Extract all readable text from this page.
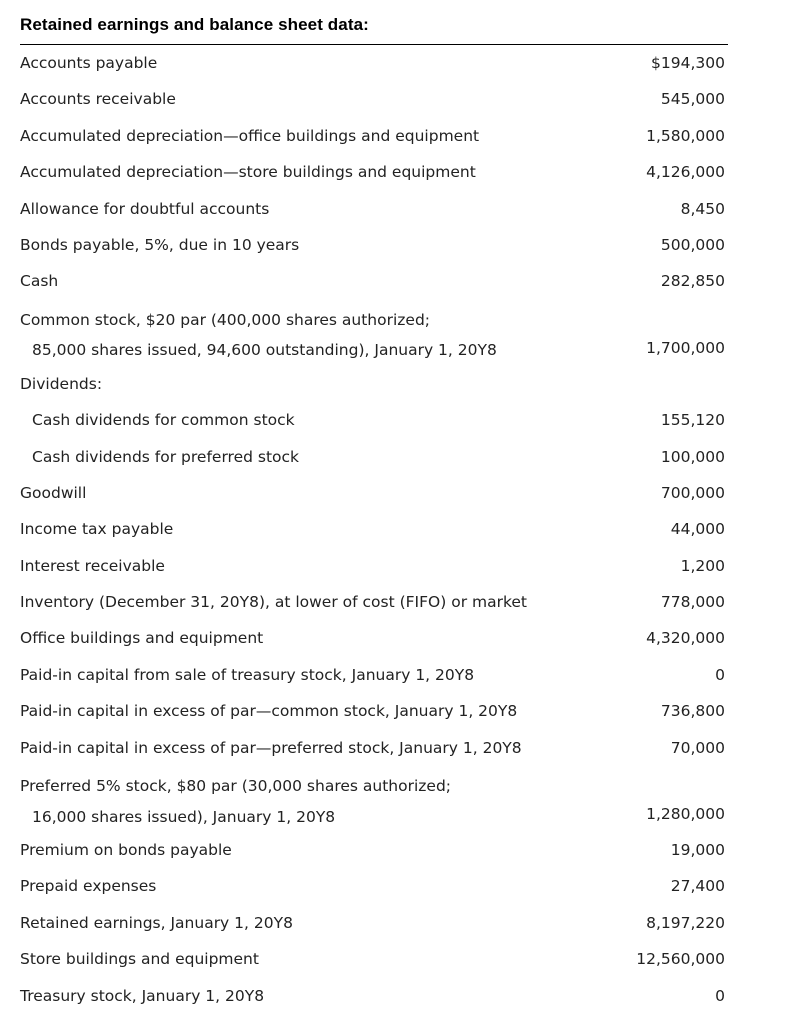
Retained earnings and balance sheet data:
Accounts payable	$194,300
Accounts receivable	545,000
Accumulated depreciation—office buildings and equipment	1,580,000
Accumulated depreciation—store buildings and equipment	4,126,000
Allowance for doubtful accounts	8,450
Bonds payable, 5%, due in 10 years	500,000
Cash	282,850
Common stock, $20 par (400,000 shares authorized;
85,000 shares issued, 94,600 outstanding), January 1, 20Y8	1,700,000
Dividends:
Cash dividends for common stock	155,120
Cash dividends for preferred stock	100,000
Goodwill	700,000
Income tax payable	44,000
Interest receivable	1,200
Inventory (December 31, 20Y8), at lower of cost (FIFO) or market	778,000
Office buildings and equipment	4,320,000
Paid-in capital from sale of treasury stock, January 1, 20Y8	0
Paid-in capital in excess of par—common stock, January 1, 20Y8	736,800
Paid-in capital in excess of par—preferred stock, January 1, 20Y8	70,000
Preferred 5% stock, $80 par (30,000 shares authorized;
16,000 shares issued), January 1, 20Y8	1,280,000
Premium on bonds payable	19,000
Prepaid expenses	27,400
Retained earnings, January 1, 20Y8	8,197,220
Store buildings and equipment	12,560,000
Treasury stock, January 1, 20Y8	0
